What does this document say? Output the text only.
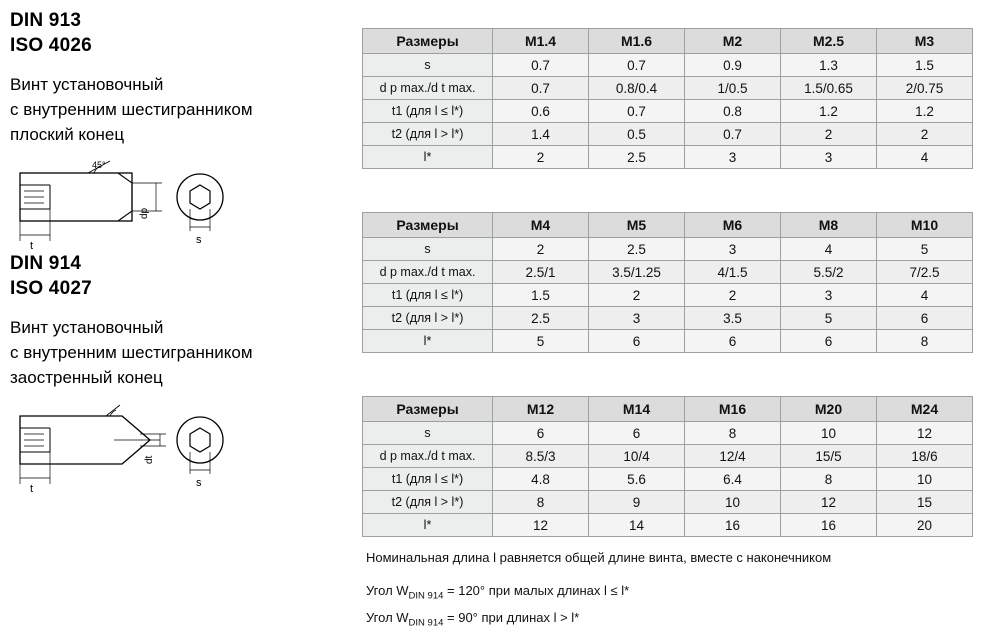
DIN 913
ISO 4026
Винт установочный
с внутренним шестигранником
плоский конец
45°
t
dp
s
DIN 914
ISO 4027
Винт установочный
с внутренним шестигранником
заостренный конец
t
dt
s
Размеры	M1.4	M1.6	M2	M2.5	M3
s	0.7	0.7	0.9	1.3	1.5
d p max./d t max.	0.7	0.8/0.4	1/0.5	1.5/0.65	2/0.75
t1 (для l ≤ l*)	0.6	0.7	0.8	1.2	1.2
t2 (для l > l*)	1.4	0.5	0.7	2	2
l*	2	2.5	3	3	4
Размеры	M4	M5	M6	M8	M10
s	2	2.5	3	4	5
d p max./d t max.	2.5/1	3.5/1.25	4/1.5	5.5/2	7/2.5
t1 (для l ≤ l*)	1.5	2	2	3	4
t2 (для l > l*)	2.5	3	3.5	5	6
l*	5	6	6	6	8
Размеры	M12	M14	M16	M20	M24
s	6	6	8	10	12
d p max./d t max.	8.5/3	10/4	12/4	15/5	18/6
t1 (для l ≤ l*)	4.8	5.6	6.4	8	10
t2 (для l > l*)	8	9	10	12	15
l*	12	14	16	16	20
Номинальная длина l равняется общей длине винта, вместе с наконечником
Угол $W_{DIN 914} = 120^\circ$ при малых длинах l ≤ l*
Угол $W_{DIN 914} = 90^\circ$ при длинах l > l*
